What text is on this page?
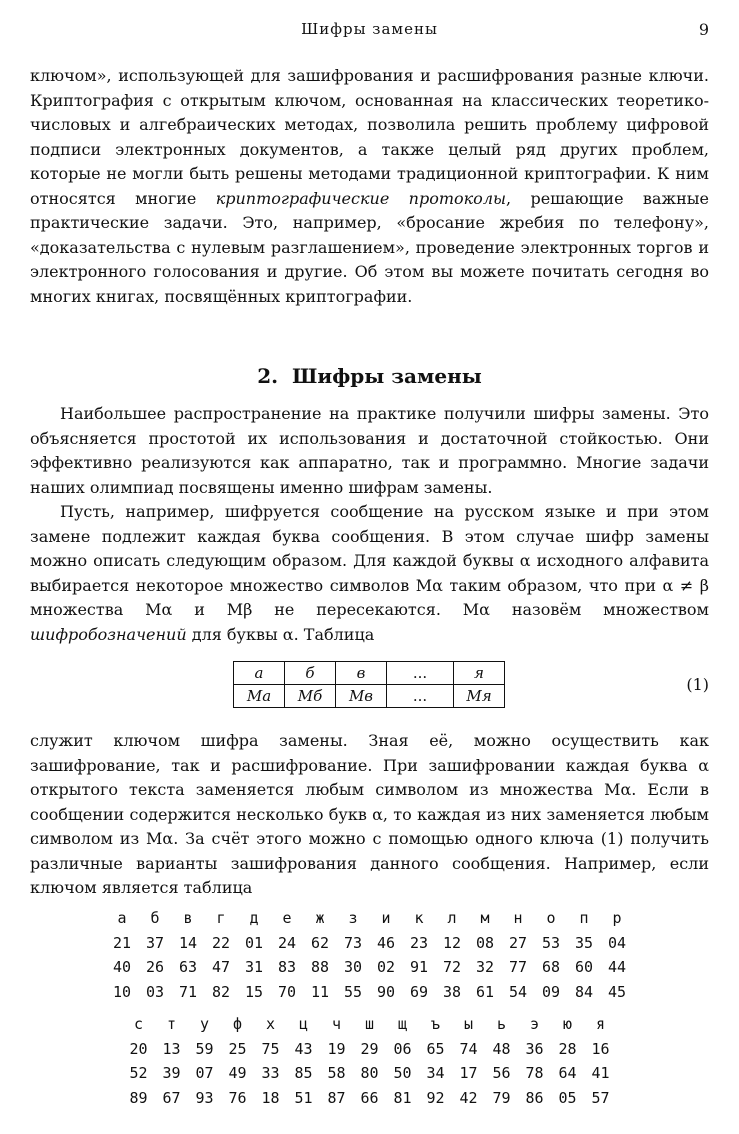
Шифры замены	9

ключом», использующей для зашифрования и расшифрования разные ключи. Криптография с открытым ключом, основанная на классических теоретико-числовых и алгебраических методах, позволила решить проблему цифровой подписи электронных документов, а также целый ряд других проблем, которые не могли быть решены методами традиционной криптографии. К ним относятся многие криптографические протоколы, решающие важные практические задачи. Это, например, «бросание жребия по телефону», «доказательства с нулевым разглашением», проведение электронных торгов и электронного голосования и другие. Об этом вы можете почитать сегодня во многих книгах, посвящённых криптографии.

2. Шифры замены

Наибольшее распространение на практике получили шифры замены. Это объясняется простотой их использования и достаточной стойкостью. Они эффективно реализуются как аппаратно, так и программно. Многие задачи наших олимпиад посвящены именно шифрам замены.

Пусть, например, шифруется сообщение на русском языке и при этом замене подлежит каждая буква сообщения. В этом случае шифр замены можно описать следующим образом. Для каждой буквы α исходного алфавита выбирается некоторое множество символов Mα таким образом, что при α ≠ β множества Mα и Mβ не пересекаются. Mα назовём множеством шифробозначений для буквы α. Таблица

а	б	в	...	я
Mа	Mб	Mв	...	Mя
(1)

служит ключом шифра замены. Зная её, можно осуществить как зашифрование, так и расшифрование. При зашифровании каждая буква α открытого текста заменяется любым символом из множества Mα. Если в сообщении содержится несколько букв α, то каждая из них заменяется любым символом из Mα. За счёт этого можно с помощью одного ключа (1) получить различные варианты зашифрования данного сообщения. Например, если ключом является таблица

а	б	в	г	д	е	ж	з	и	к	л	м	н	о	п	р
21 37 14 22 01 24 62 73 46 23 12 08 27 53 35 04
40 26 63 47 31 83 88 30 02 91 72 32 77 68 60 44
10 03 71 82 15 70 11 55 90 69 38 61 54 09 84 45
с	т	у	ф	х	ц	ч	ш	щ	ъ	ы	ь	э	ю	я
20 13 59 25 75 43 19 29 06 65 74 48 36 28 16
52 39 07 49 33 85 58 80 50 34 17 56 78 64 41
89 67 93 76 18 51 87 66 81 92 42 79 86 05 57
